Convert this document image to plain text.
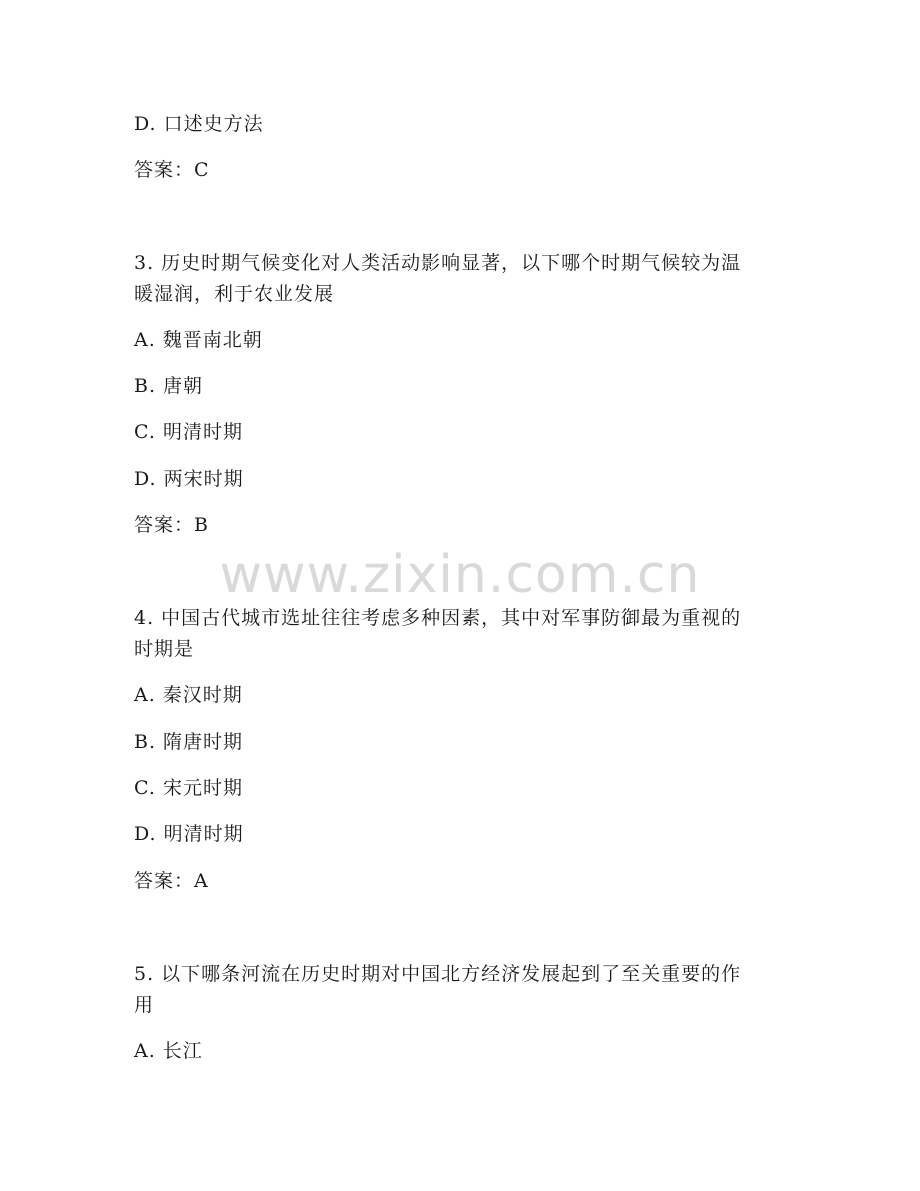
www.zixin.com.cn
D. 口述史方法
答案：C
3. 历史时期气候变化对人类活动影响显著，以下哪个时期气候较为温
暖湿润，利于农业发展
A. 魏晋南北朝
B. 唐朝
C. 明清时期
D. 两宋时期
答案：B
4. 中国古代城市选址往往考虑多种因素，其中对军事防御最为重视的
时期是
A. 秦汉时期
B. 隋唐时期
C. 宋元时期
D. 明清时期
答案：A
5. 以下哪条河流在历史时期对中国北方经济发展起到了至关重要的作
用
A. 长江
